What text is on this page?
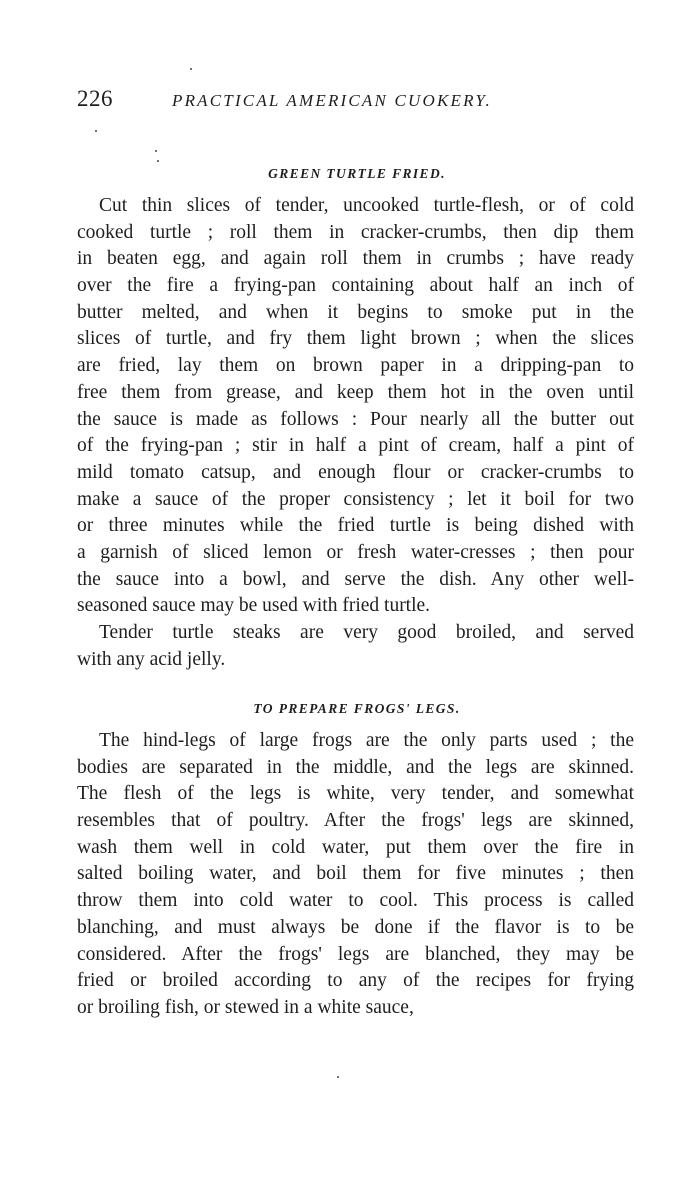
226	PRACTICAL AMERICAN CUOKERY.
GREEN TURTLE FRIED.
Cut thin slices of tender, uncooked turtle-flesh, or of cold
cooked turtle ; roll them in cracker-crumbs, then dip them
in beaten egg, and again roll them in crumbs ; have ready
over the fire a frying-pan containing about half an inch of
butter melted, and when it begins to smoke put in the
slices of turtle, and fry them light brown ; when the slices
are fried, lay them on brown paper in a dripping-pan to
free them from grease, and keep them hot in the oven until
the sauce is made as follows : Pour nearly all the butter out
of the frying-pan ; stir in half a pint of cream, half a pint of
mild tomato catsup, and enough flour or cracker-crumbs to
make a sauce of the proper consistency ; let it boil for two
or three minutes while the fried turtle is being dished with
a garnish of sliced lemon or fresh water-cresses ; then pour
the sauce into a bowl, and serve the dish. Any other well-
seasoned sauce may be used with fried turtle.
Tender turtle steaks are very good broiled, and served
with any acid jelly.
TO PREPARE FROGS' LEGS.
The hind-legs of large frogs are the only parts used ; the
bodies are separated in the middle, and the legs are skinned.
The flesh of the legs is white, very tender, and somewhat
resembles that of poultry. After the frogs' legs are skinned,
wash them well in cold water, put them over the fire in
salted boiling water, and boil them for five minutes ; then
throw them into cold water to cool. This process is called
blanching, and must always be done if the flavor is to be
considered. After the frogs' legs are blanched, they may be
fried or broiled according to any of the recipes for frying
or broiling fish, or stewed in a white sauce,
